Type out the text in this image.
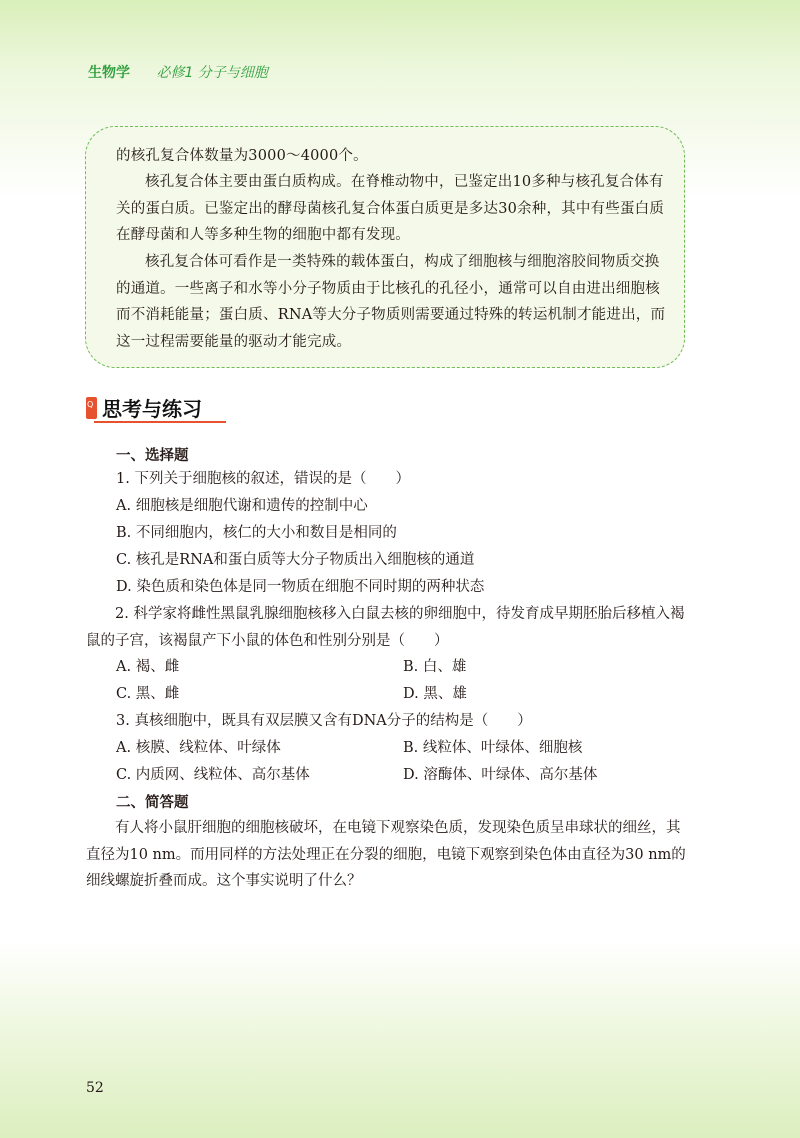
生物学 必修1 分子与细胞
的核孔复合体数量为3000～4000个。
核孔复合体主要由蛋白质构成。在脊椎动物中，已鉴定出10多种与核孔复合体有关的蛋白质。已鉴定出的酵母菌核孔复合体蛋白质更是多达30余种，其中有些蛋白质在酵母菌和人等多种生物的细胞中都有发现。
核孔复合体可看作是一类特殊的载体蛋白，构成了细胞核与细胞溶胶间物质交换的通道。一些离子和水等小分子物质由于比核孔的孔径小，通常可以自由进出细胞核而不消耗能量；蛋白质、RNA等大分子物质则需要通过特殊的转运机制才能进出，而这一过程需要能量的驱动才能完成。
Q 思考与练习
一、选择题
1. 下列关于细胞核的叙述，错误的是（　　）
A. 细胞核是细胞代谢和遗传的控制中心
B. 不同细胞内，核仁的大小和数目是相同的
C. 核孔是RNA和蛋白质等大分子物质出入细胞核的通道
D. 染色质和染色体是同一物质在细胞不同时期的两种状态
2. 科学家将雌性黑鼠乳腺细胞核移入白鼠去核的卵细胞中，待发育成早期胚胎后移植入褐鼠的子宫，该褐鼠产下小鼠的体色和性别分别是（　　）
A. 褐、雌	B. 白、雄
C. 黑、雌	D. 黑、雄
3. 真核细胞中，既具有双层膜又含有DNA分子的结构是（　　）
A. 核膜、线粒体、叶绿体	B. 线粒体、叶绿体、细胞核
C. 内质网、线粒体、高尔基体	D. 溶酶体、叶绿体、高尔基体
二、简答题
有人将小鼠肝细胞的细胞核破坏，在电镜下观察染色质，发现染色质呈串球状的细丝，其直径为10 nm。而用同样的方法处理正在分裂的细胞，电镜下观察到染色体由直径为30 nm的细线螺旋折叠而成。这个事实说明了什么？
52
